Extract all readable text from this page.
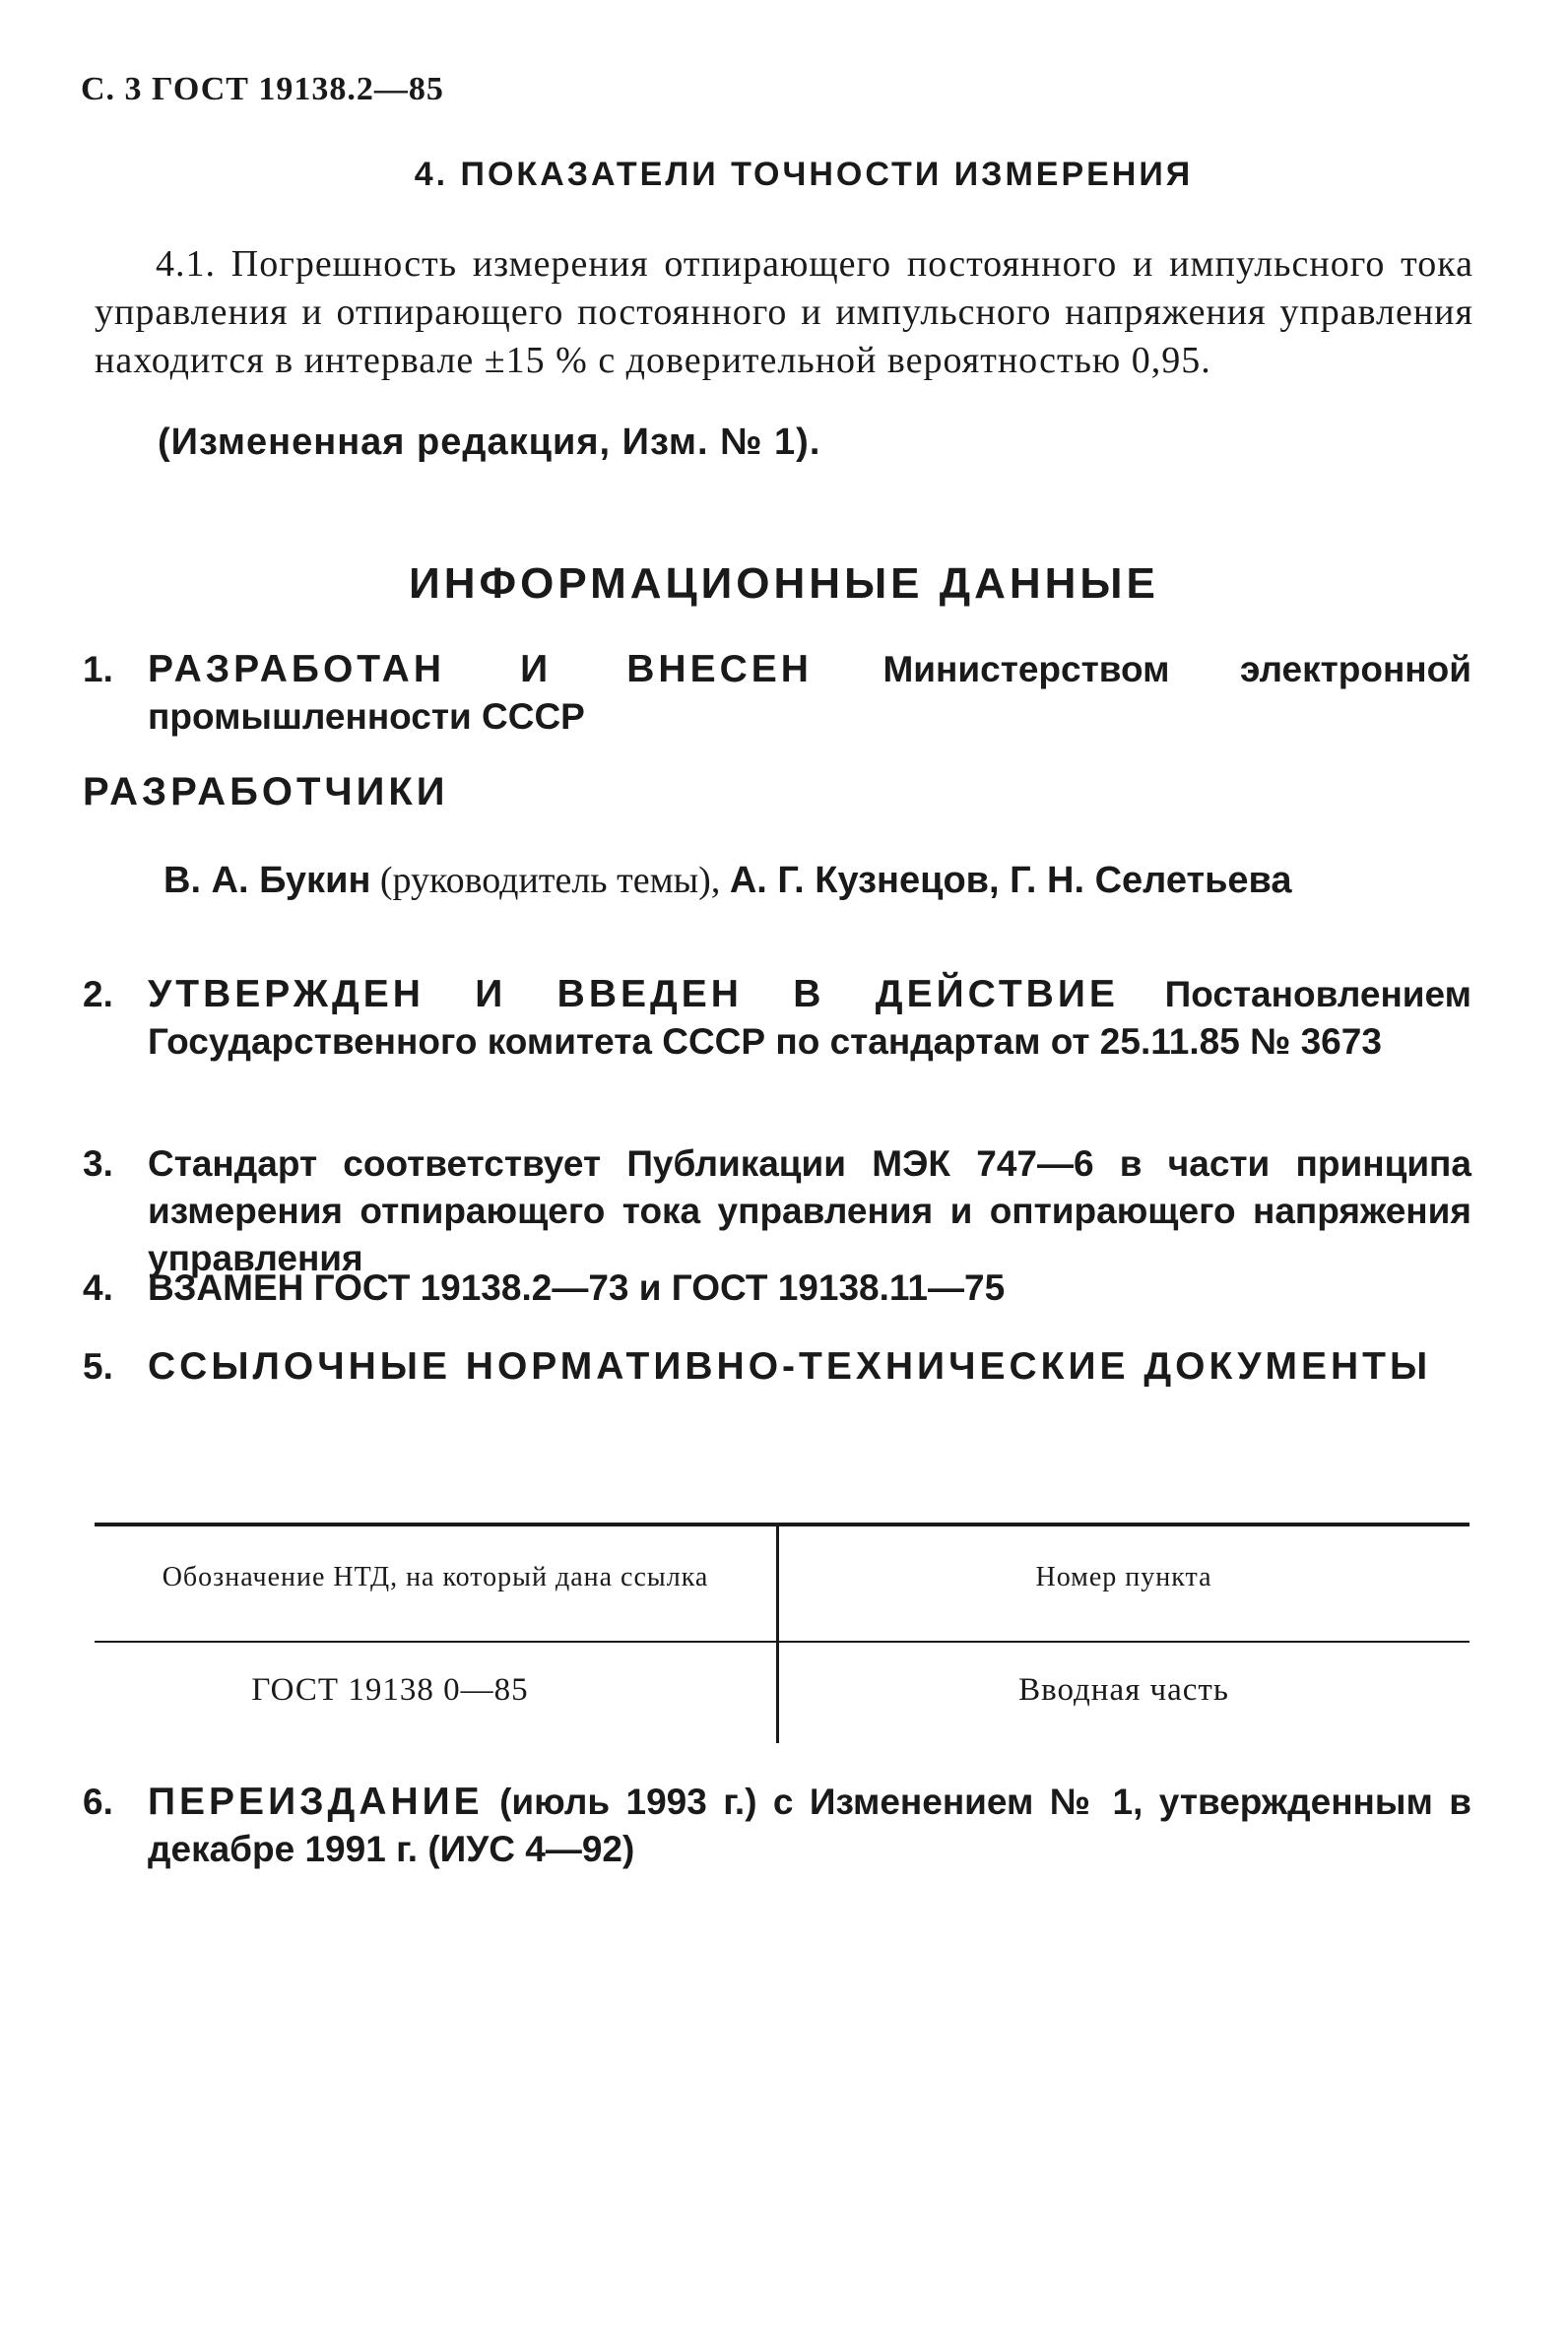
С. 3 ГОСТ 19138.2—85
4. ПОКАЗАТЕЛИ ТОЧНОСТИ ИЗМЕРЕНИЯ
4.1. Погрешность измерения отпирающего постоянного и импульсного тока управления и отпирающего постоянного и импульсного напряжения управления находится в интервале ±15 % с доверительной вероятностью 0,95.
(Измененная редакция, Изм. № 1).
ИНФОРМАЦИОННЫЕ ДАННЫЕ
1. РАЗРАБОТАН И ВНЕСЕН Министерством электронной промышленности СССР
РАЗРАБОТЧИКИ
В. А. Букин (руководитель темы), А. Г. Кузнецов, Г. Н. Селетьева
2. УТВЕРЖДЕН И ВВЕДЕН В ДЕЙСТВИЕ Постановлением Государственного комитета СССР по стандартам от 25.11.85 № 3673
3. Стандарт соответствует Публикации МЭК 747—6 в части принципа измерения отпирающего тока управления и оптирающего напряжения управления
4. ВЗАМЕН ГОСТ 19138.2—73 и ГОСТ 19138.11—75
5. ССЫЛОЧНЫЕ НОРМАТИВНО-ТЕХНИЧЕСКИЕ ДОКУМЕНТЫ
Обозначение НТД, на который дана ссылка	Номер пункта
ГОСТ 19138 0—85	Вводная часть
6. ПЕРЕИЗДАНИЕ (июль 1993 г.) с Изменением № 1, утвержденным в декабре 1991 г. (ИУС 4—92)
